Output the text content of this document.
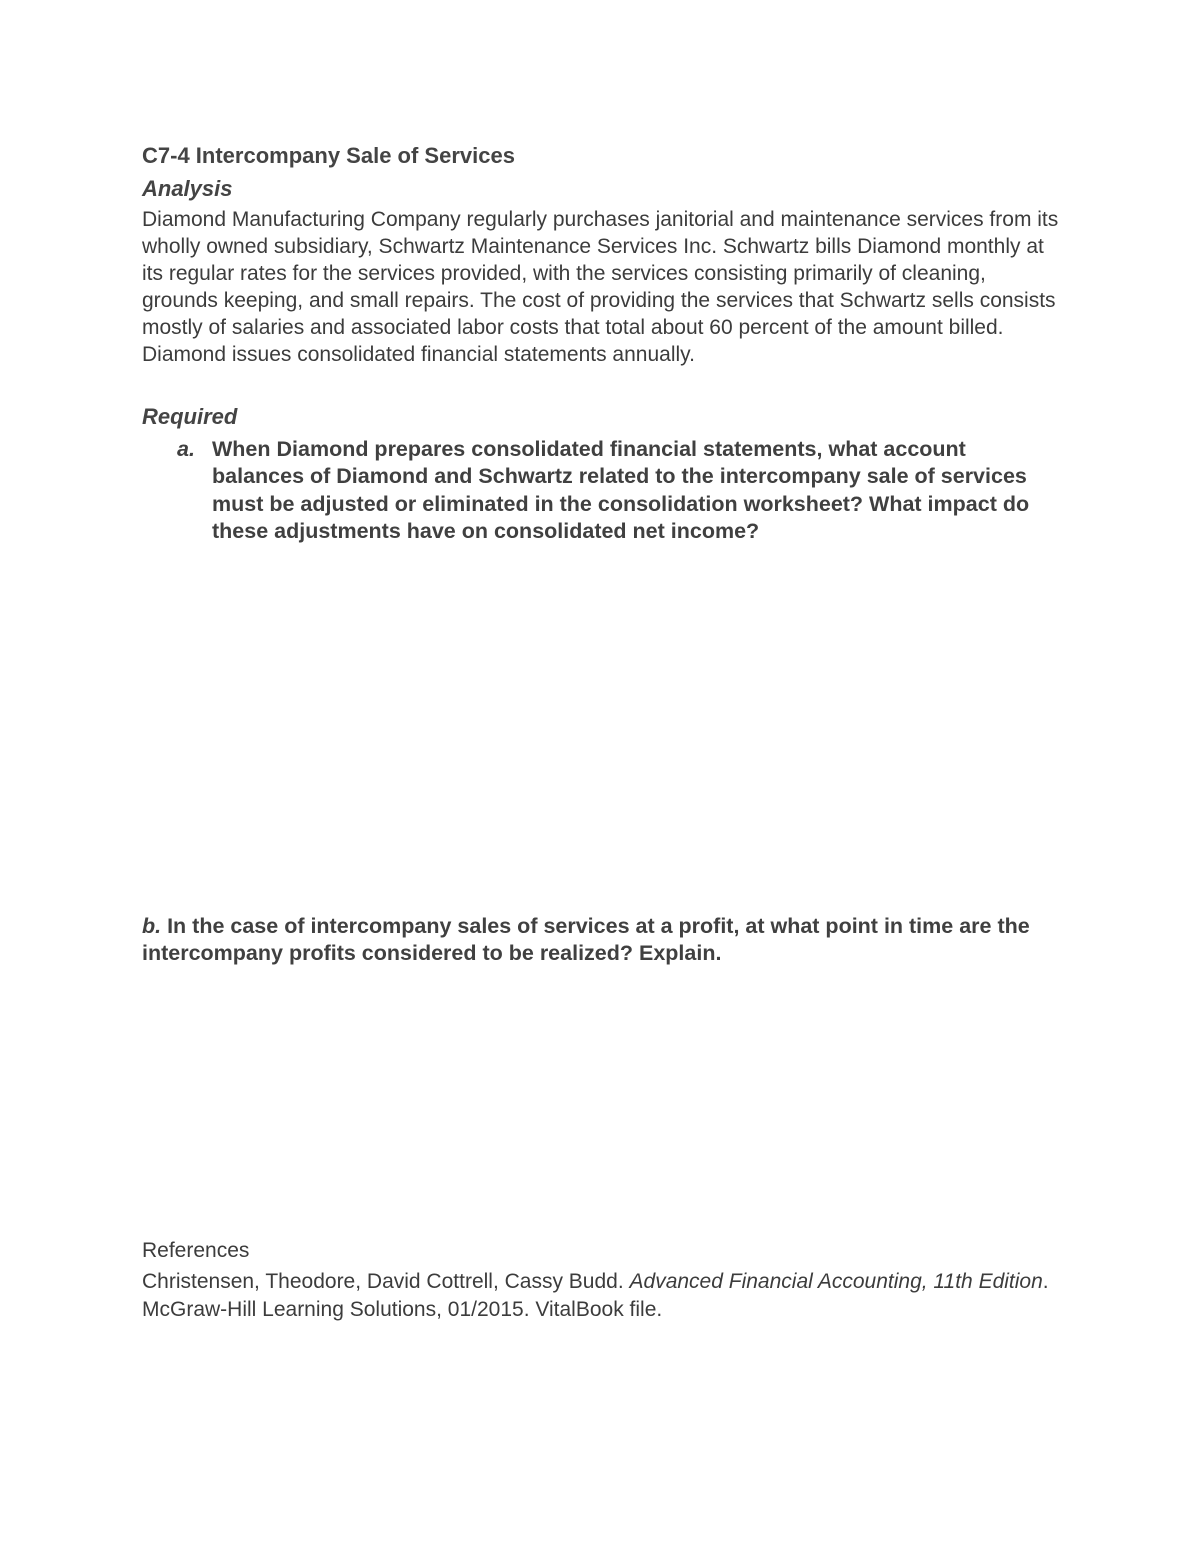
C7-4 Intercompany Sale of Services
Analysis

Diamond Manufacturing Company regularly purchases janitorial and maintenance services from its wholly owned subsidiary, Schwartz Maintenance Services Inc. Schwartz bills Diamond monthly at its regular rates for the services provided, with the services consisting primarily of cleaning, grounds keeping, and small repairs. The cost of providing the services that Schwartz sells consists mostly of salaries and associated labor costs that total about 60 percent of the amount billed. Diamond issues consolidated financial statements annually.

Required
a. When Diamond prepares consolidated financial statements, what account balances of Diamond and Schwartz related to the intercompany sale of services must be adjusted or eliminated in the consolidation worksheet? What impact do these adjustments have on consolidated net income?

b. In the case of intercompany sales of services at a profit, at what point in time are the intercompany profits considered to be realized? Explain.

References

Christensen, Theodore, David Cottrell, Cassy Budd. Advanced Financial Accounting, 11th Edition. McGraw-Hill Learning Solutions, 01/2015. VitalBook file.
